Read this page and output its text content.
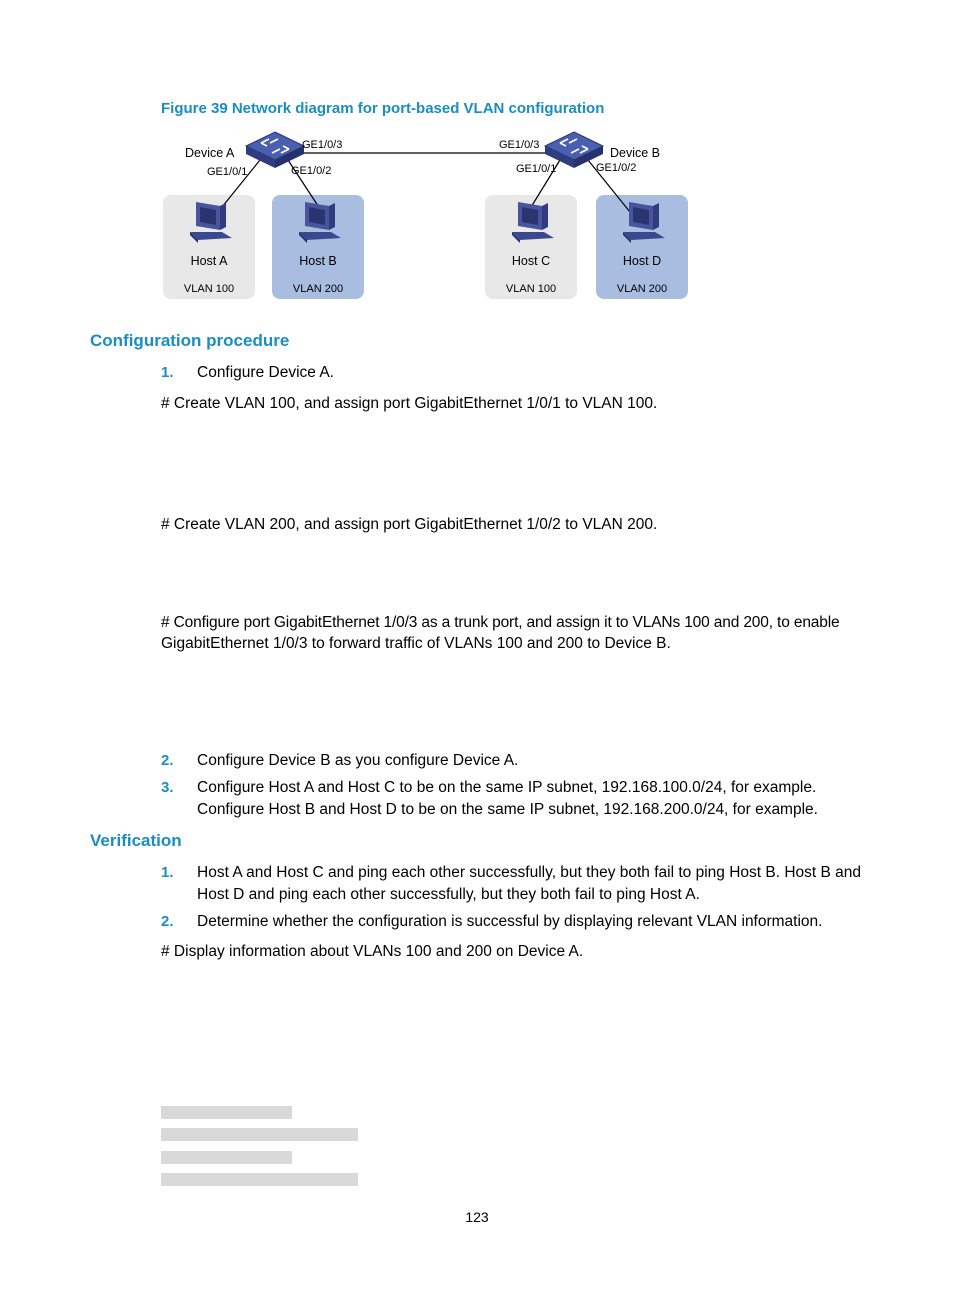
Figure 39 Network diagram for port-based VLAN configuration
Device A
GE1/0/3
GE1/0/1	GE1/0/2
Device B
GE1/0/3
GE1/0/1	GE1/0/2
Host A
VLAN 100
Host B
VLAN 200
Host C
VLAN 100
Host D
VLAN 200
Configuration procedure
1. Configure Device A.
# Create VLAN 100, and assign port GigabitEthernet 1/0/1 to VLAN 100.
# Create VLAN 200, and assign port GigabitEthernet 1/0/2 to VLAN 200.
# Configure port GigabitEthernet 1/0/3 as a trunk port, and assign it to VLANs 100 and 200, to enable
GigabitEthernet 1/0/3 to forward traffic of VLANs 100 and 200 to Device B.
2. Configure Device B as you configure Device A.
3. Configure Host A and Host C to be on the same IP subnet, 192.168.100.0/24, for example.
Configure Host B and Host D to be on the same IP subnet, 192.168.200.0/24, for example.
Verification
1. Host A and Host C and ping each other successfully, but they both fail to ping Host B. Host B and
Host D and ping each other successfully, but they both fail to ping Host A.
2. Determine whether the configuration is successful by displaying relevant VLAN information.
# Display information about VLANs 100 and 200 on Device A.
123
